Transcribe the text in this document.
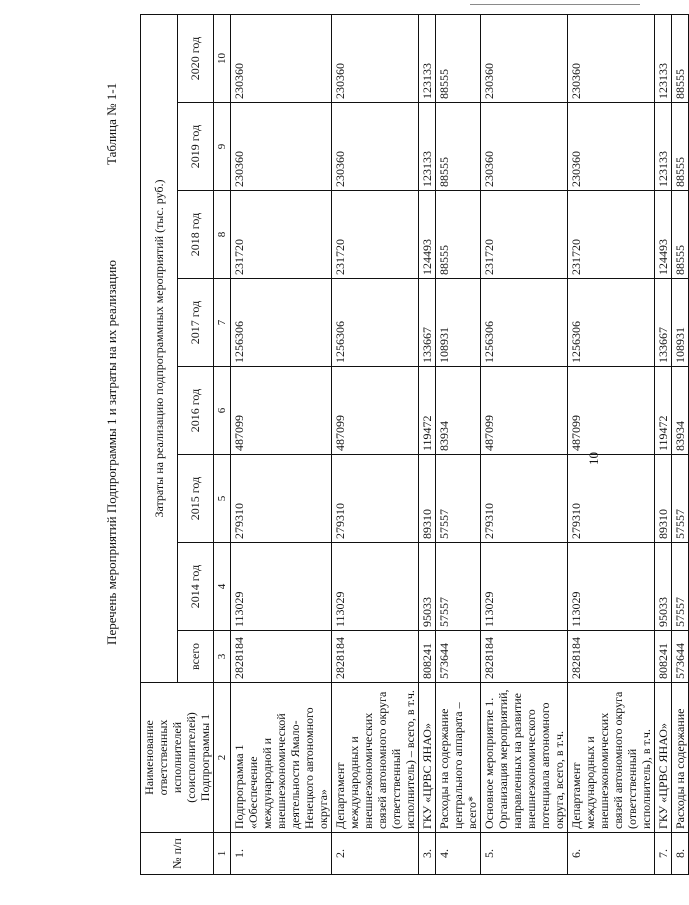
10
Таблица № 1-1
Перечень мероприятий Подпрограммы 1 и затраты на их реализацию
№ п/п	Наименование ответственных исполнителей (соисполнителей) Подпрограммы 1	Затраты на реализацию подпрограммных мероприятий (тыс. руб.)							
		всего	2014 год	2015 год	2016 год	2017 год	2018 год	2019 год	2020 год
1	2	3	4	5	6	7	8	9	10
1.	Подпрограмма 1 «Обеспечение международной и внешнеэкономической деятельности Ямало-Ненецкого автономного округа»	2828184	113029	279310	487099	1256306	231720	230360	230360
2.	Департамент международных и внешнеэкономических связей автономного округа (ответственный исполнитель) – всего, в т.ч.	2828184	113029	279310	487099	1256306	231720	230360	230360
3.	ГКУ «ЦРВС ЯНАО»	808241	95033	89310	119472	133667	124493	123133	123133
4.	Расходы на содержание центрального аппарата – всего*	573644	57557	57557	83934	108931	88555	88555	88555
5.	Основное мероприятие 1. Организация мероприятий, направленных на развитие внешнеэкономического потенциала автономного округа, всего, в т.ч.	2828184	113029	279310	487099	1256306	231720	230360	230360
6.	Департамент международных и внешнеэкономических связей автономного округа (ответственный исполнитель), в т.ч.	2828184	113029	279310	487099	1256306	231720	230360	230360
7.	ГКУ «ЦРВС ЯНАО»	808241	95033	89310	119472	133667	124493	123133	123133
8.	Расходы на содержание	573644	57557	57557	83934	108931	88555	88555	88555
